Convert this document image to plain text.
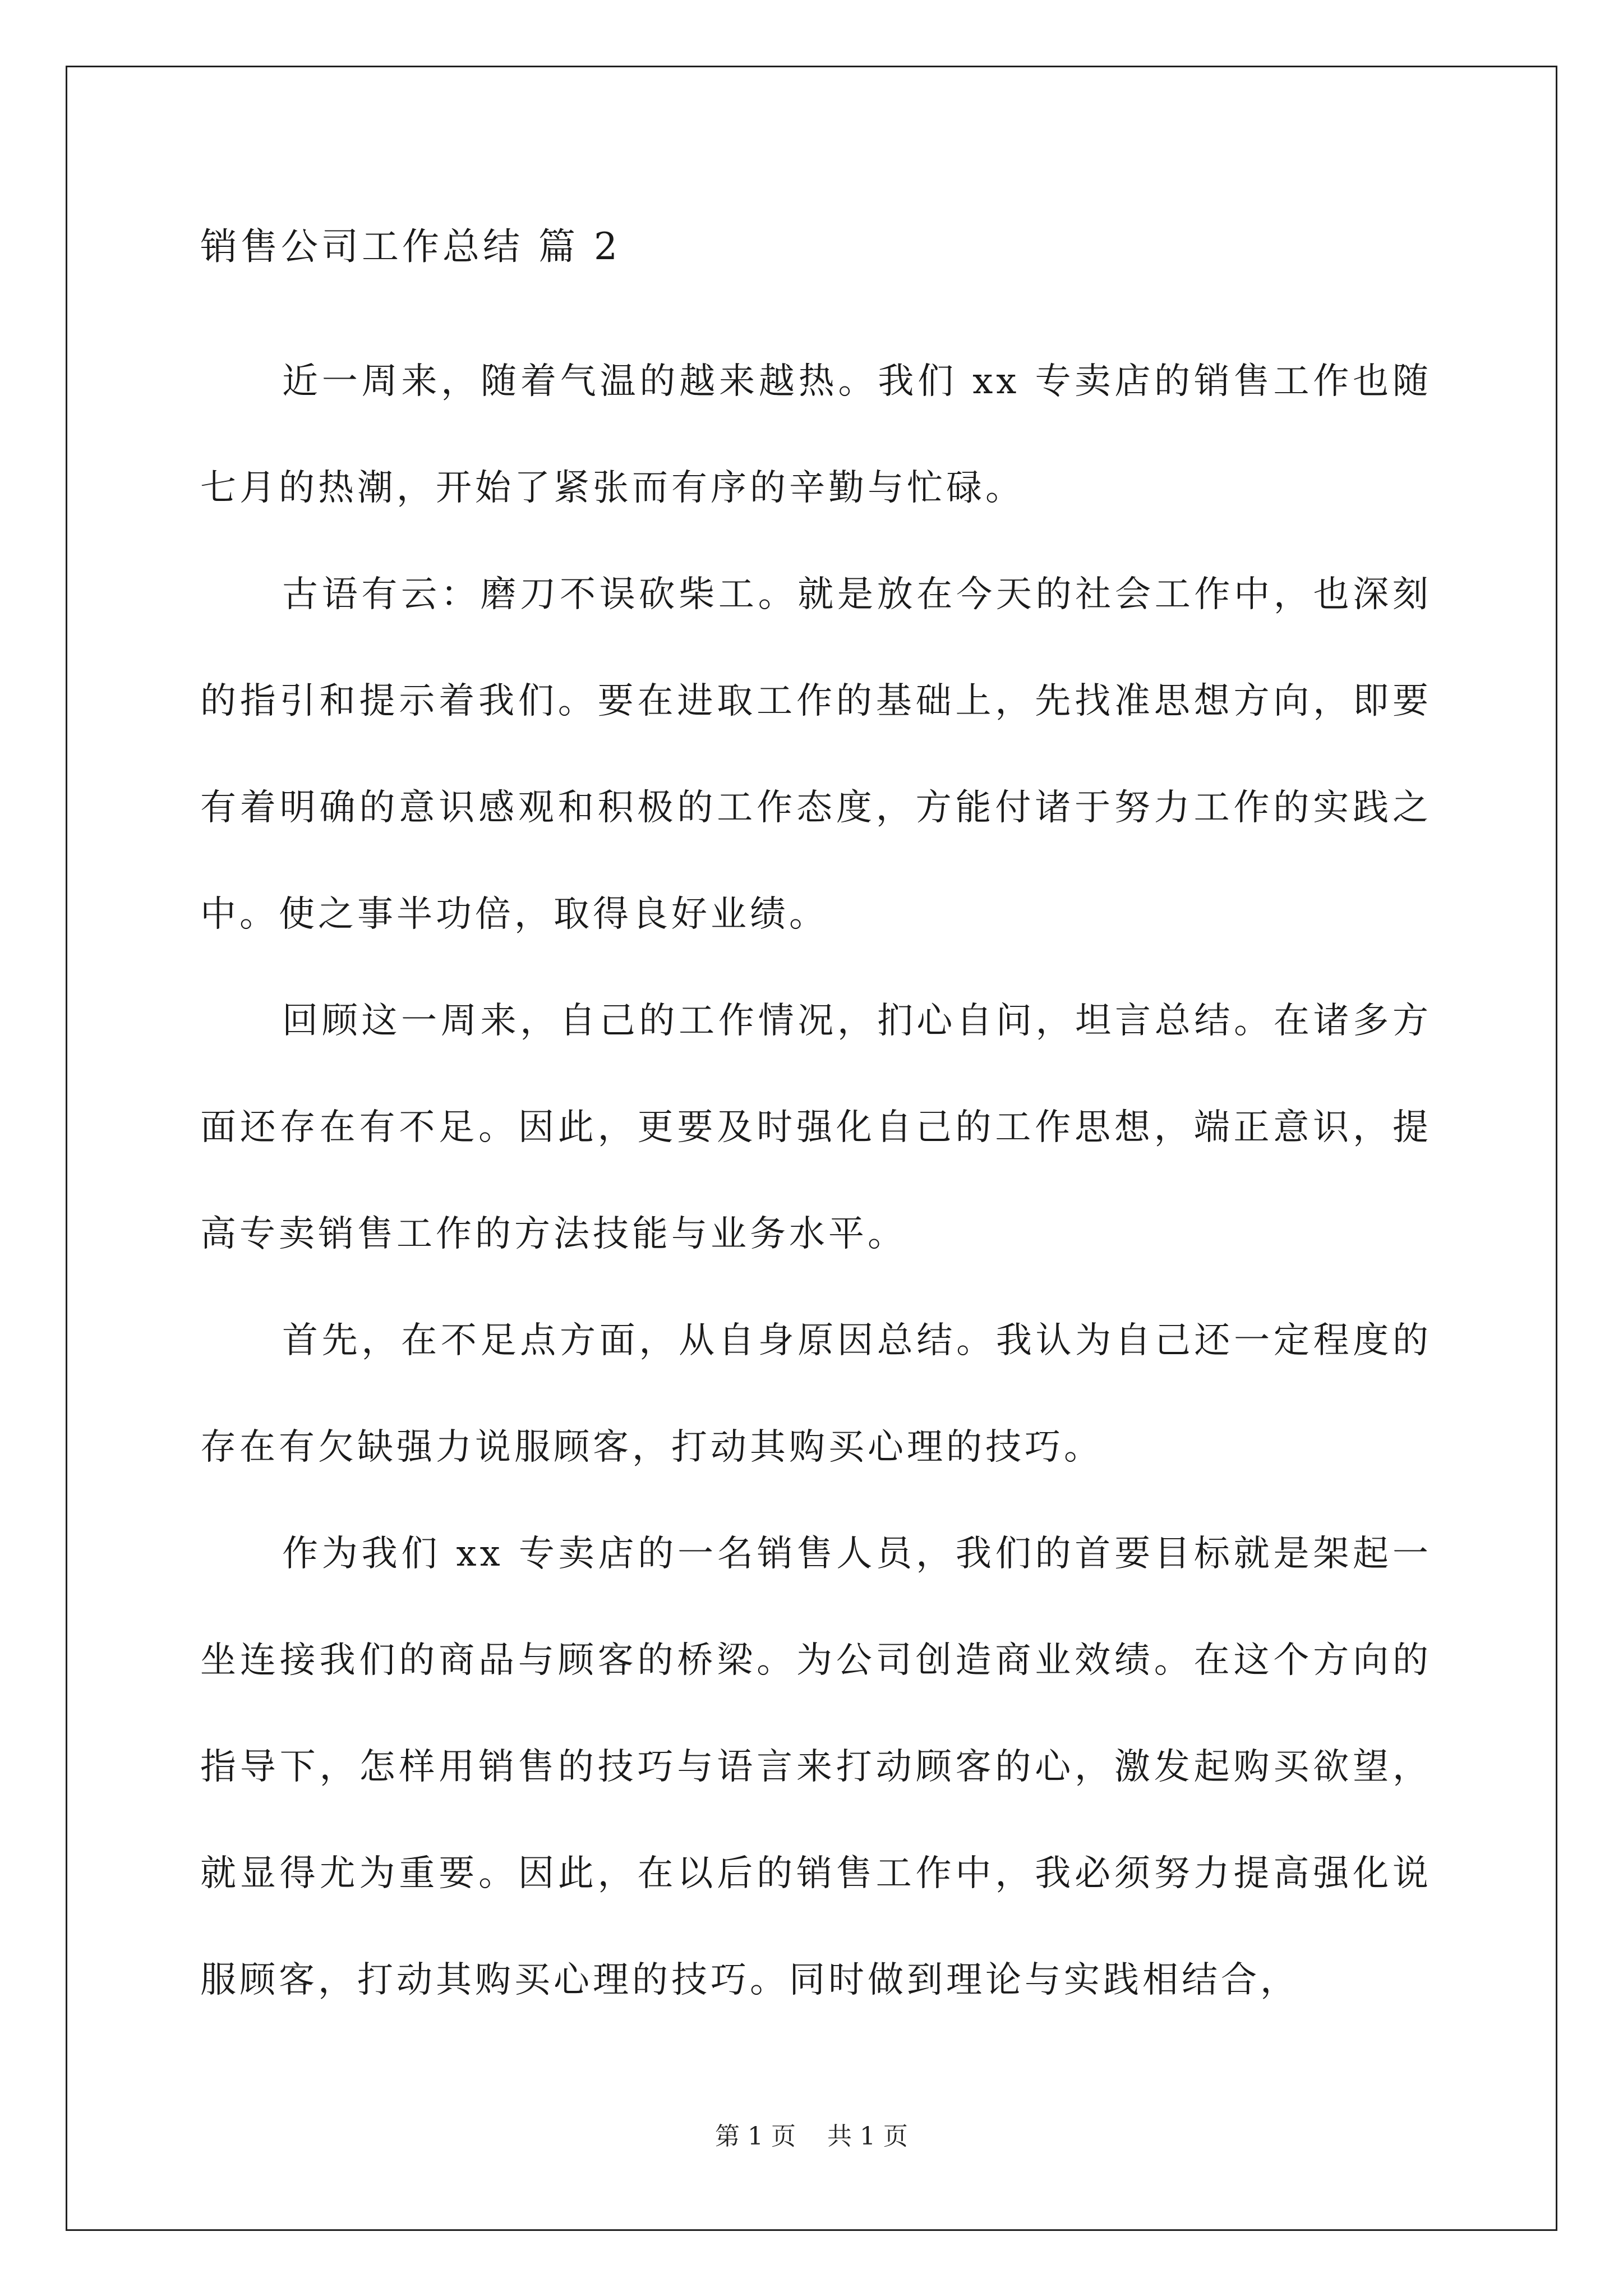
销售公司工作总结 篇 2

近一周来，随着气温的越来越热。我们 xx 专卖店的销售工作也随七月的热潮，开始了紧张而有序的辛勤与忙碌。

古语有云：磨刀不误砍柴工。就是放在今天的社会工作中，也深刻的指引和提示着我们。要在进取工作的基础上，先找准思想方向，即要有着明确的意识感观和积极的工作态度，方能付诸于努力工作的实践之中。使之事半功倍，取得良好业绩。

回顾这一周来，自己的工作情况，扪心自问，坦言总结。在诸多方面还存在有不足。因此，更要及时强化自己的工作思想，端正意识，提高专卖销售工作的方法技能与业务水平。

首先，在不足点方面，从自身原因总结。我认为自己还一定程度的存在有欠缺强力说服顾客，打动其购买心理的技巧。

作为我们 xx 专卖店的一名销售人员，我们的首要目标就是架起一坐连接我们的商品与顾客的桥梁。为公司创造商业效绩。在这个方向的指导下，怎样用销售的技巧与语言来打动顾客的心，激发起购买欲望，就显得尤为重要。因此，在以后的销售工作中，我必须努力提高强化说服顾客，打动其购买心理的技巧。同时做到理论与实践相结合，

第 1 页    共 1 页
